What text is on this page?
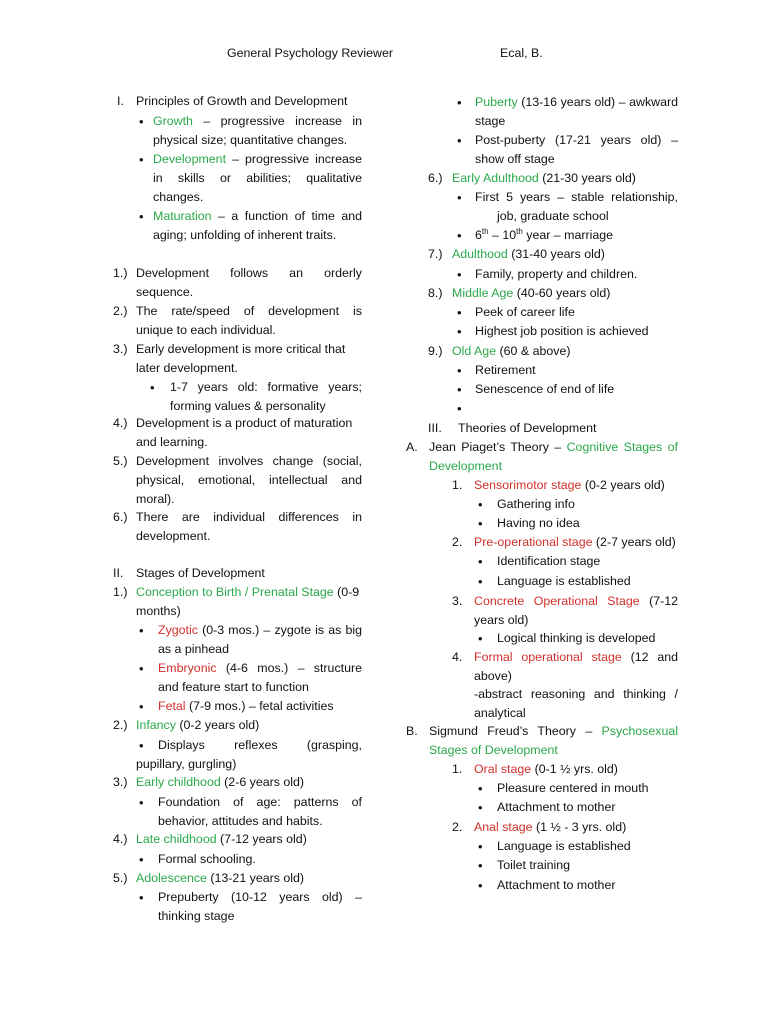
General Psychology Reviewer	Ecal, B.
I. Principles of Growth and Development
• Growth – progressive increase in
physical size; quantitative changes.
• Development – progressive increase
in skills or abilities; qualitative
changes.
• Maturation – a function of time and
aging; unfolding of inherent traits.
1.) Development follows an orderly
sequence.
2.) The rate/speed of development is
unique to each individual.
3.) Early development is more critical that
later development.
• 1-7 years old: formative years;
forming values & personality
4.) Development is a product of maturation
and learning.
5.) Development involves change (social,
physical, emotional, intellectual and
moral).
6.) There are individual differences in
development.
II. Stages of Development
1.) Conception to Birth / Prenatal Stage (0-9
months)
• Zygotic (0-3 mos.) – zygote is as big
as a pinhead
• Embryonic (4-6 mos.) – structure
and feature start to function
• Fetal (7-9 mos.) – fetal activities
2.) Infancy (0-2 years old)
• Displays reflexes (grasping,
pupillary, gurgling)
3.) Early childhood (2-6 years old)
• Foundation of age: patterns of
behavior, attitudes and habits.
4.) Late childhood (7-12 years old)
• Formal schooling.
5.) Adolescence (13-21 years old)
• Prepuberty (10-12 years old) –
thinking stage
• Puberty (13-16 years old) – awkward
stage
• Post-puberty (17-21 years old) –
show off stage
6.) Early Adulthood (21-30 years old)
• First 5 years – stable relationship,
job, graduate school
• 6th – 10th year – marriage
7.) Adulthood (31-40 years old)
• Family, property and children.
8.) Middle Age (40-60 years old)
• Peek of career life
• Highest job position is achieved
9.) Old Age (60 & above)
• Retirement
• Senescence of end of life
•
III. Theories of Development
A. Jean Piaget’s Theory – Cognitive Stages of
Development
1. Sensorimotor stage (0-2 years old)
• Gathering info
• Having no idea
2. Pre-operational stage (2-7 years old)
• Identification stage
• Language is established
3. Concrete Operational Stage (7-12
years old)
• Logical thinking is developed
4. Formal operational stage (12 and
above)
-abstract reasoning and thinking /
analytical
B. Sigmund Freud’s Theory – Psychosexual
Stages of Development
1. Oral stage (0-1 ½ yrs. old)
• Pleasure centered in mouth
• Attachment to mother
2. Anal stage (1 ½ - 3 yrs. old)
• Language is established
• Toilet training
• Attachment to mother
